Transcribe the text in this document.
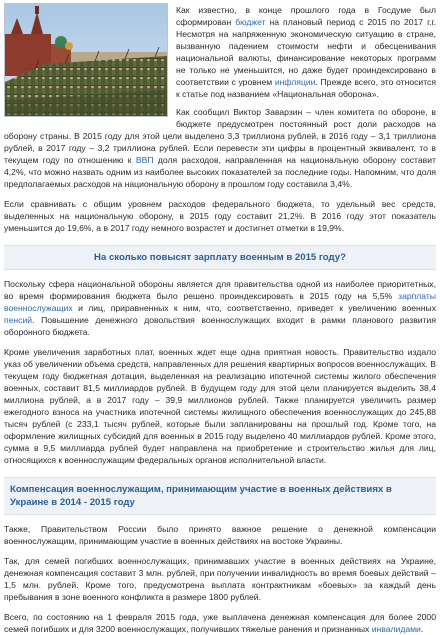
Как известно, в конце прошлого года в Госдуме был сформирован бюджет на плановый период с 2015 по 2017 г.г. Несмотря на напряженную экономическую ситуацию в стране, вызванную падением стоимости нефти и обесценивания национальной валюты, финансирование некоторых программ не только не уменьшится, но даже будет проиндексировано в соответствии с уровнем инфляции. Прежде всего, это относится к статье под названием «Национальная оборона».

Как сообщил Виктор Заварзин – член комитета по обороне, в бюджете предусмотрен постоянный рост доли расходов на оборону страны. В 2015 году для этой цели выделено 3,3 триллиона рублей, в 2016 году – 3,1 триллиона рублей, в 2017 году – 3,2 триллиона рублей. Если перевести эти цифры в процентный эквивалент, то в текущем году по отношению к ВВП доля расходов, направленная на национальную оборону составит 4,2%, что можно назвать одним из наиболее высоких показателей за последние годы. Напомним, что доля предполагаемых расходов на национальную оборону в прошлом году составила 3,4%.

Если сравнивать с общим уровнем расходов федерального бюджета, то удельный вес средств, выделенных на национальную оборону, в 2015 году составит 21,2%. В 2016 году этот показатель уменьшится до 19,6%, а в 2017 году немного возрастет и достигнет отметки в 19,9%.

На сколько повысят зарплату военным в 2015 году?

Поскольку сфера национальной обороны является для правительства одной из наиболее приоритетных, во время формирования бюджета было решено проиндексировать в 2015 году на 5,5% зарплаты военнослужащих и лиц, приравненных к ним, что, соответственно, приведет к увеличению военных пенсий. Повышение денежного довольствия военнослужащих входит в рамки планового развития оборонного бюджета.

Кроме увеличения заработных плат, военных ждет еще одна приятная новость. Правительство издало указ об увеличении объема средств, направленных для решения квартирных вопросов военнослужащих. В текущем году бюджетная дотация, выделенная на реализацию ипотечной системы жилого обеспечения военных, составит 81,5 миллиардов рублей. В будущем году для этой цели планируется выделить 38,4 миллиона рублей, а в 2017 году – 39,9 миллионов рублей. Также планируется увеличить размер ежегодного взноса на участника ипотечной системы жилищного обеспечения военнослужащих до 245,88 тысяч рублей (с 233,1 тысяч рублей, которые были запланированы на прошлый год. Кроме того, на оформление жилищных субсидий для военных в 2015 году выделено 40 миллиардов рублей. Кроме этого, сумма в 9,5 миллиарда рублей будет направлена на приобретение и строительство жилья для лиц, относящихся к военнослужащим федеральных органов исполнительной власти.

Компенсация военнослужащим, принимающим участие в военных действиях в Украине в 2014 - 2015 году

Также, Правительством России было принято важное решение о денежной компенсации военнослужащим, принимающим участие в военных действиях на востоке Украины.

Так, для семей погибших военнослужащих, принимавших участие в военных действиях на Украине, денежная компенсация составит 3 млн. рублей, при получении инвалидность во время боевых действий – 1,5 млн. рублей. Кроме того, предусмотрена выплата контрактникам «боевых» за каждый день пребывания в зоне военного конфликта в размере 1800 рублей.

Всего, по состоянию на 1 февраля 2015 года, уже выплачена денежная компенсация для более 2000 семей погибших и для 3200 военнослужащих, получивших тяжелые ранения и признанных инвалидами.
